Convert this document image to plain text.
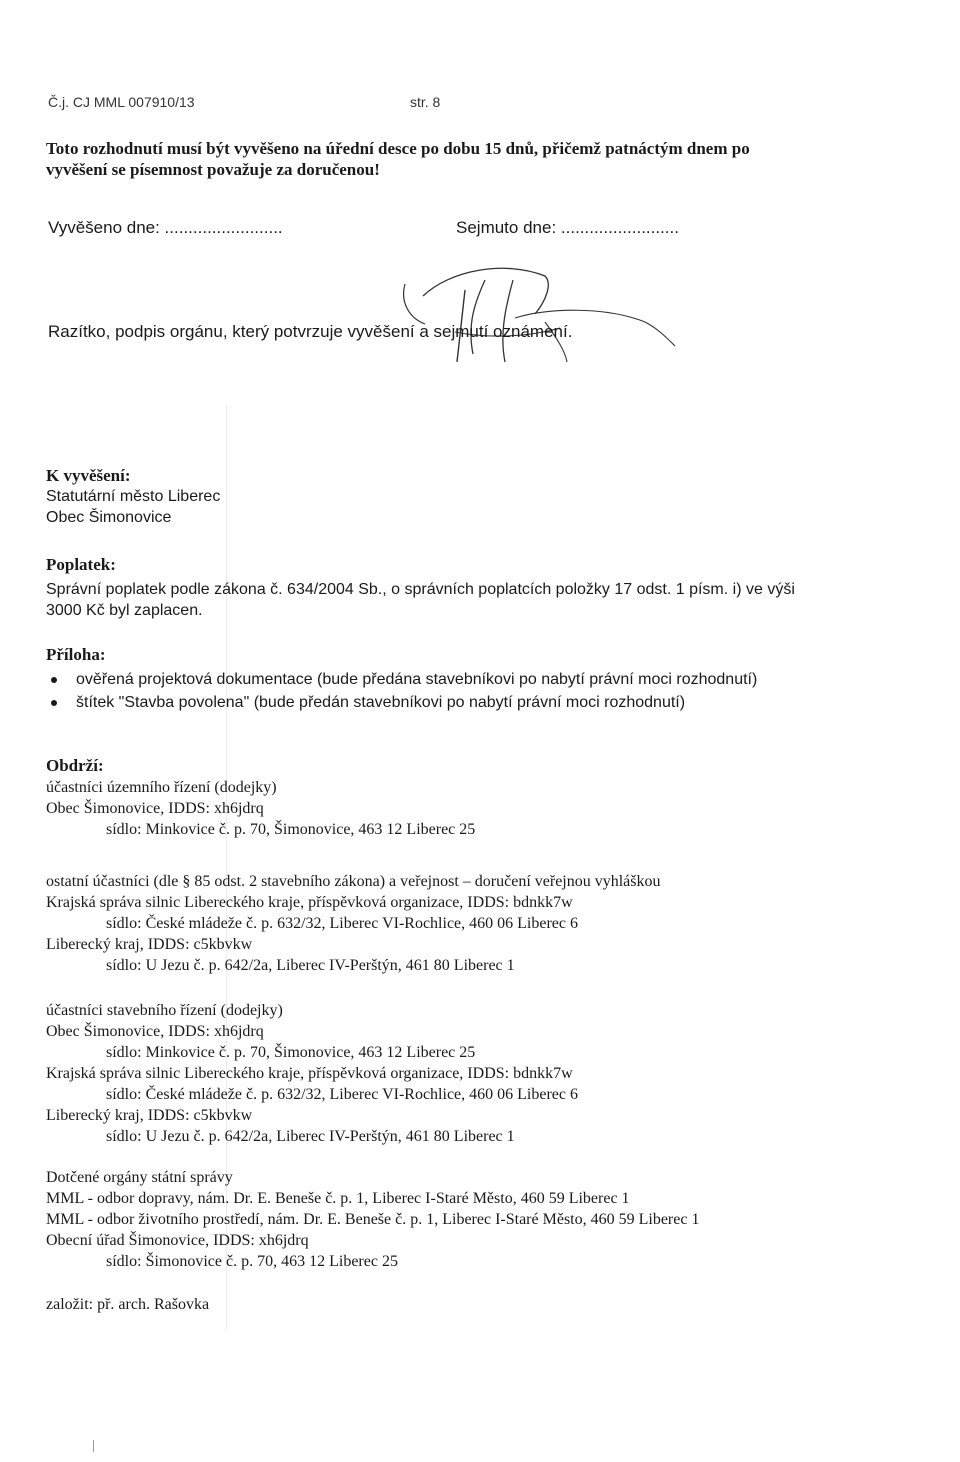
Č.j. CJ MML 007910/13	str. 8
Toto rozhodnutí musí být vyvěšeno na úřední desce po dobu 15 dnů, přičemž patnáctým dnem po
vyvěšení se písemnost považuje za doručenou!
Vyvěšeno dne: .........................	Sejmuto dne: .........................
Razítko, podpis orgánu, který potvrzuje vyvěšení a sejmutí oznámení.
K vyvěšení:
Statutární město Liberec
Obec Šimonovice
Poplatek:
Správní poplatek podle zákona č. 634/2004 Sb., o správních poplatcích položky 17 odst. 1 písm. i) ve výši
3000 Kč byl zaplacen.
Příloha:
ověřená projektová dokumentace (bude předána stavebníkovi po nabytí právní moci rozhodnutí)
štítek "Stavba povolena" (bude předán stavebníkovi po nabytí právní moci rozhodnutí)
Obdrží:
účastníci územního řízení (dodejky)
Obec Šimonovice, IDDS: xh6jdrq
sídlo: Minkovice č. p. 70, Šimonovice, 463 12 Liberec 25
ostatní účastníci (dle § 85 odst. 2 stavebního zákona) a veřejnost – doručení veřejnou vyhláškou
Krajská správa silnic Libereckého kraje, příspěvková organizace, IDDS: bdnkk7w
sídlo: České mládeže č. p. 632/32, Liberec VI-Rochlice, 460 06 Liberec 6
Liberecký kraj, IDDS: c5kbvkw
sídlo: U Jezu č. p. 642/2a, Liberec IV-Perštýn, 461 80 Liberec 1
účastníci stavebního řízení (dodejky)
Obec Šimonovice, IDDS: xh6jdrq
sídlo: Minkovice č. p. 70, Šimonovice, 463 12 Liberec 25
Krajská správa silnic Libereckého kraje, příspěvková organizace, IDDS: bdnkk7w
sídlo: České mládeže č. p. 632/32, Liberec VI-Rochlice, 460 06 Liberec 6
Liberecký kraj, IDDS: c5kbvkw
sídlo: U Jezu č. p. 642/2a, Liberec IV-Perštýn, 461 80 Liberec 1
Dotčené orgány státní správy
MML - odbor dopravy, nám. Dr. E. Beneše č. p. 1, Liberec I-Staré Město, 460 59 Liberec 1
MML - odbor životního prostředí, nám. Dr. E. Beneše č. p. 1, Liberec I-Staré Město, 460 59 Liberec 1
Obecní úřad Šimonovice, IDDS: xh6jdrq
sídlo: Šimonovice č. p. 70, 463 12 Liberec 25
založit: př. arch. Rašovka
